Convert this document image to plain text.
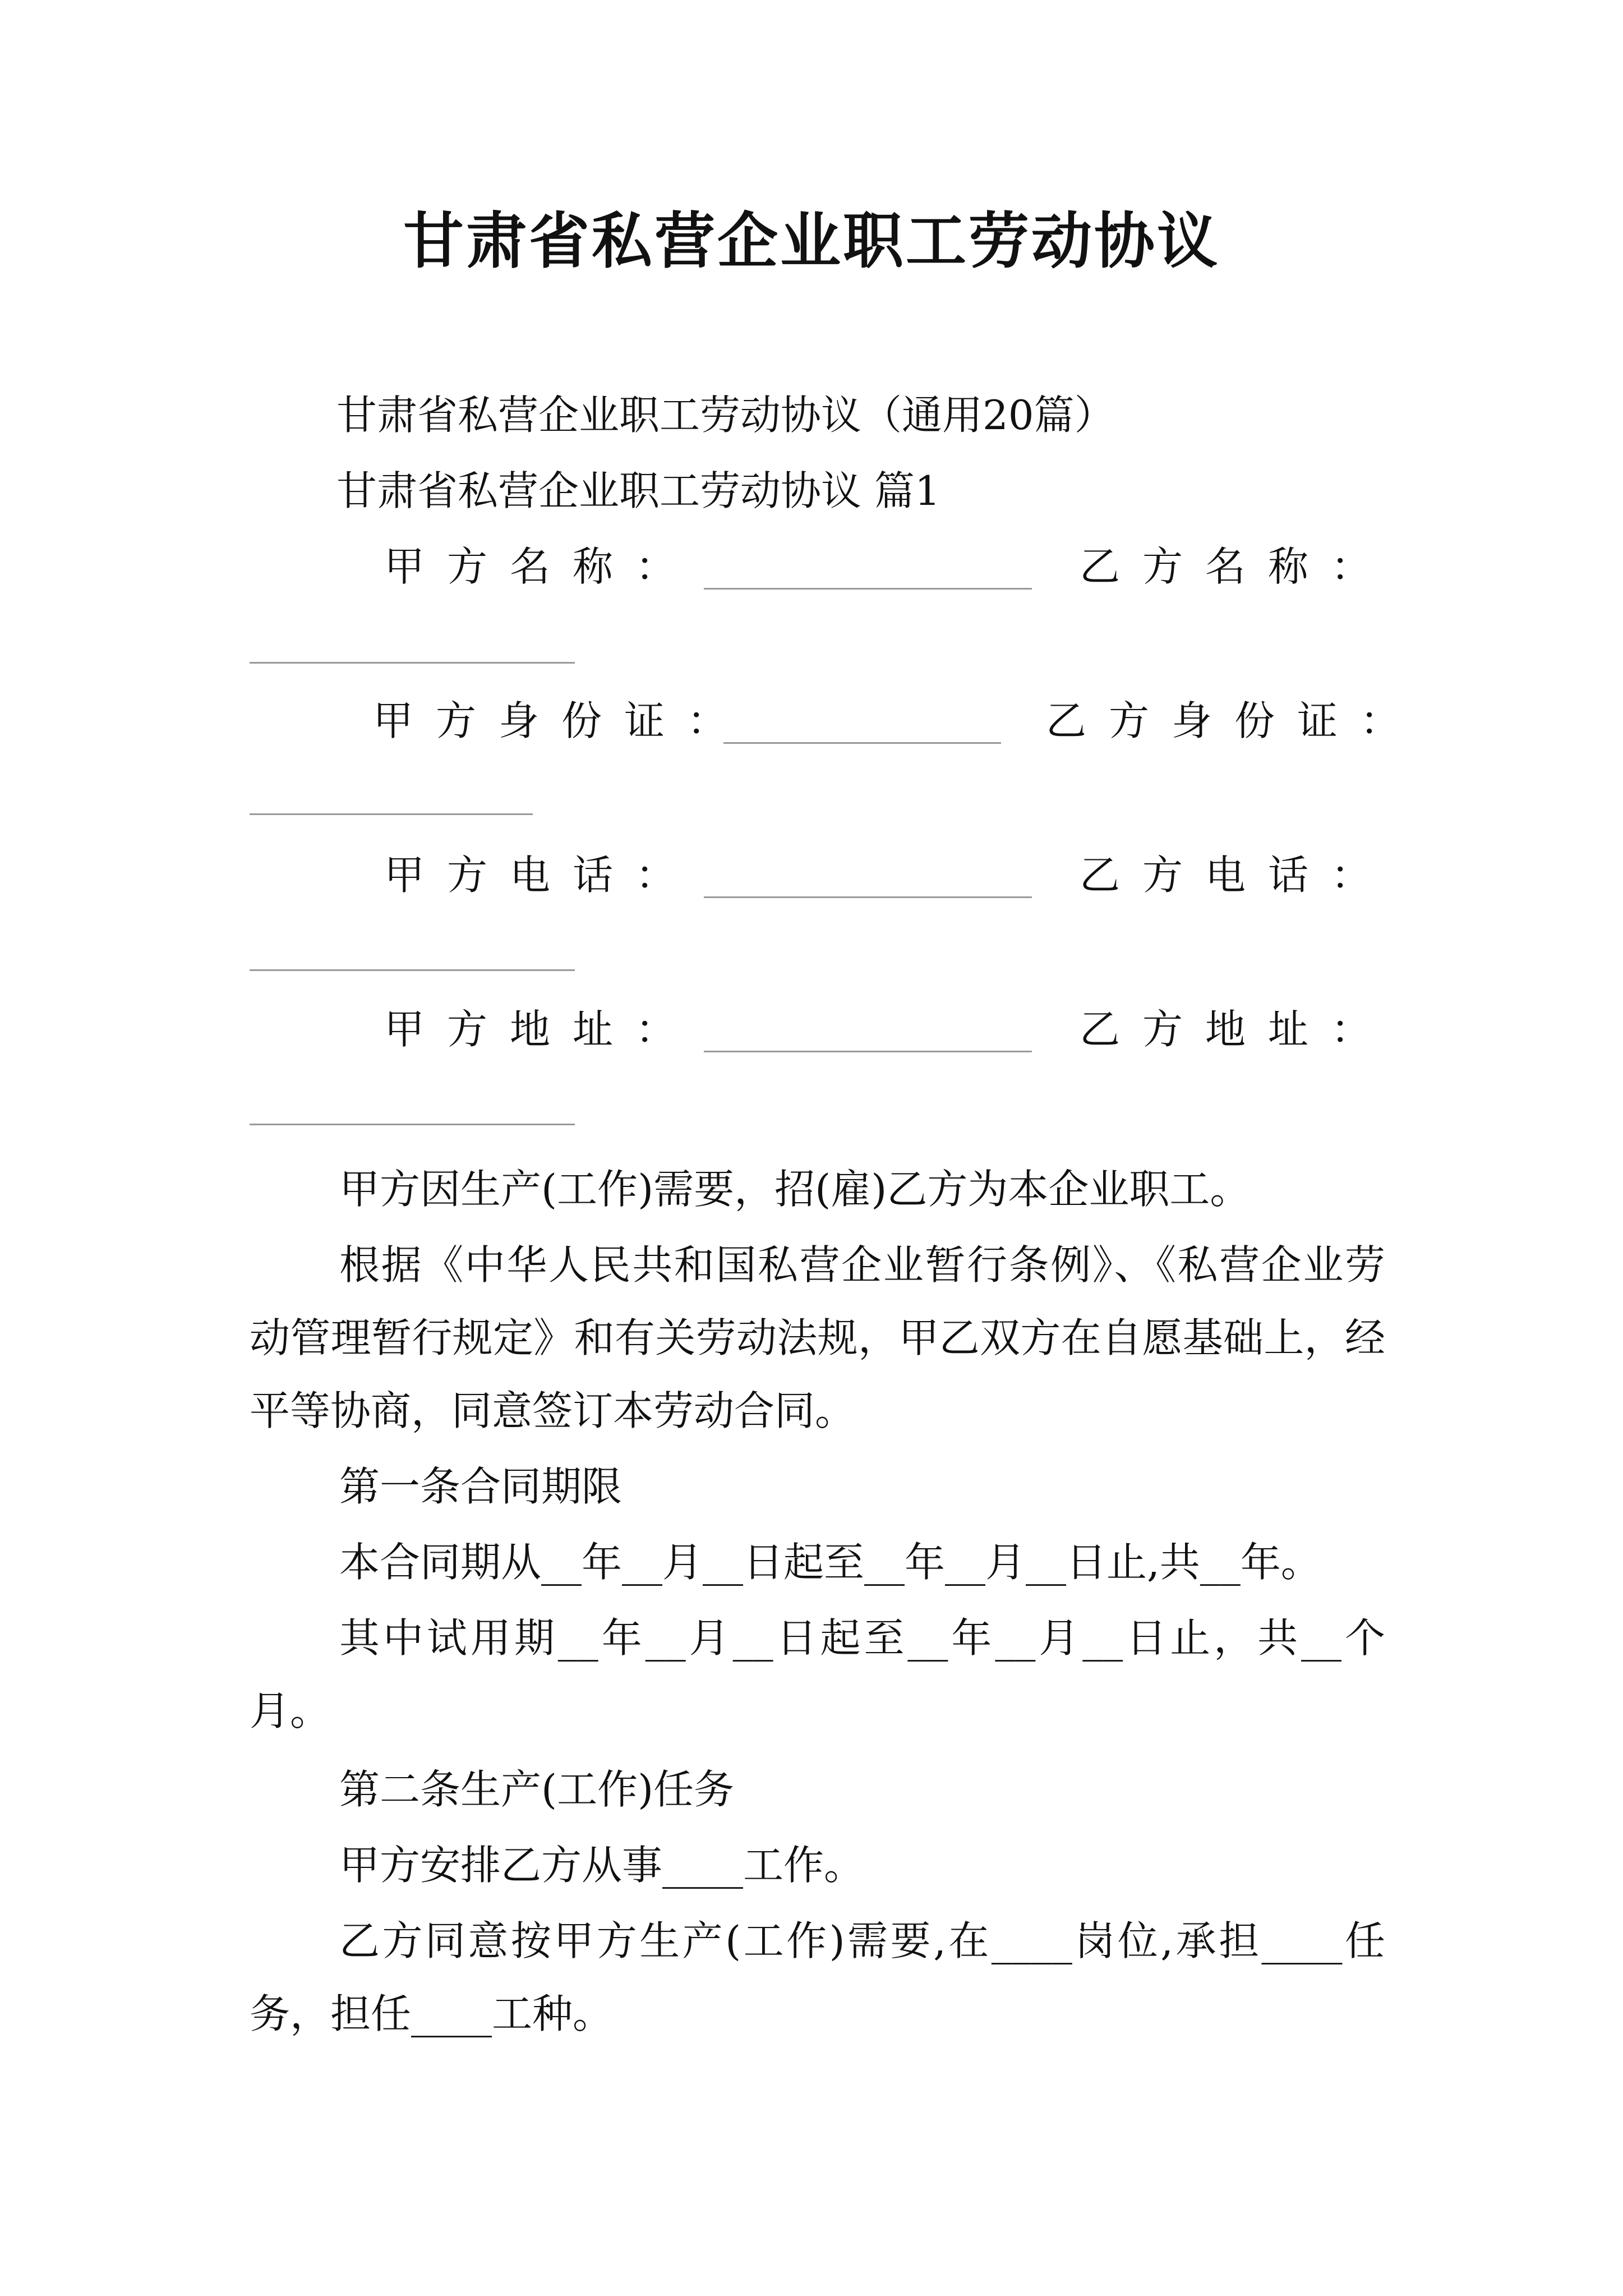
甘肃省私营企业职工劳动协议

甘肃省私营企业职工劳动协议（通用20篇）

甘肃省私营企业职工劳动协议 篇1

甲方名称：	乙方名称：

甲方身份证：	乙方身份证：

甲方电话：	乙方电话：

甲方地址：	乙方地址：

甲方因生产(工作)需要，招(雇)乙方为本企业职工。

根据《中华人民共和国私营企业暂行条例》、《私营企业劳动管理暂行规定》和有关劳动法规，甲乙双方在自愿基础上，经平等协商，同意签订本劳动合同。

第一条合同期限

本合同期从__年__月__日起至__年__月__日止,共__年。

其中试用期__年__月__日起至__年__月__日止，共__个月。

第二条生产(工作)任务

甲方安排乙方从事____工作。

乙方同意按甲方生产(工作)需要,在____岗位,承担____任务，担任____工种。
